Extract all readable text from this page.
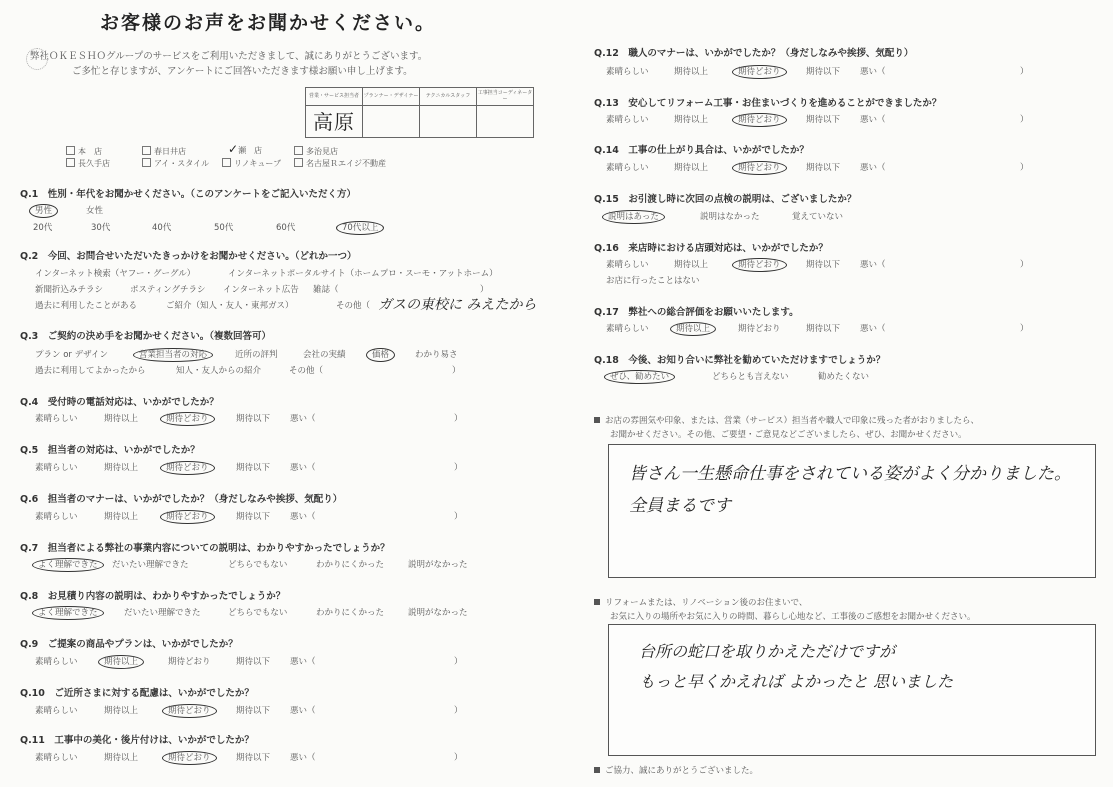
お客様のお声をお聞かせください。
弊社ＯＫＥＳＨＯグループのサービスをご利用いただきまして、誠にありがとうございます。
ご多忙と存じますが、アンケートにご回答いただきます様お願い申し上げます。
営業・サービス担当者	プランナー・デザイナー	テクニカルスタッフ	工事担当コーディネーター
高原			
本　店	春日井店	✓瀬　店	多治見店
長久手店	アイ・スタイル	リノキューブ	名古屋Ｒエイジ不動産
Q.1　性別・年代をお聞かせください。（このアンケートをご記入いただく方）
男性	女性
20代	30代	40代	50代	60代	70代以上
Q.2　今回、お問合せいただいたきっかけをお聞かせください。（どれか一つ）
インターネット検索（ヤフー・グーグル）	インターネットポータルサイト（ホームプロ・スーモ・アットホーム）
新聞折込みチラシ	ポスティングチラシ インターネット広告 雑誌（	）
過去に利用したことがある	ご紹介（知人・友人・東邦ガス）	その他（ ガスの東校に みえたから
Q.3　ご契約の決め手をお聞かせください。（複数回答可）
プラン or デザイン	営業担当者の対応	近所の評判	会社の実績	価格	わかり易さ
過去に利用してよかったから	知人・友人からの紹介	その他（	）
Q.4　受付時の電話対応は、いかがでしたか？
素晴らしい	期待以上	期待どおり	期待以下 悪い（	）
Q.5　担当者の対応は、いかがでしたか？
素晴らしい	期待以上	期待どおり	期待以下 悪い（	）
Q.6　担当者のマナーは、いかがでしたか？（身だしなみや挨拶、気配り）
素晴らしい	期待以上	期待どおり	期待以下 悪い（	）
Q.7　担当者による弊社の事業内容についての説明は、わかりやすかったでしょうか？
よく理解できた だいたい理解できた	どちらでもない	わかりにくかった	説明がなかった
Q.8　お見積り内容の説明は、わかりやすかったでしょうか？
よく理解できた	だいたい理解できた	どちらでもない	わかりにくかった	説明がなかった
Q.9　ご提案の商品やプランは、いかがでしたか？
素晴らしい	期待以上	期待どおり	期待以下 悪い（	）
Q.10　ご近所さまに対する配慮は、いかがでしたか？
素晴らしい	期待以上	期待どおり	期待以下 悪い（	）
Q.11　工事中の美化・後片付けは、いかがでしたか？
素晴らしい	期待以上	期待どおり	期待以下 悪い（	）
Q.12　職人のマナーは、いかがでしたか？（身だしなみや挨拶、気配り）
素晴らしい	期待以上	期待どおり	期待以下 悪い（	）
Q.13　安心してリフォーム工事・お住まいづくりを進めることができましたか？
素晴らしい	期待以上	期待どおり	期待以下 悪い（	）
Q.14　工事の仕上がり具合は、いかがでしたか？
素晴らしい	期待以上	期待どおり	期待以下 悪い（	）
Q.15　お引渡し時に次回の点検の説明は、ございましたか？
説明はあった	説明はなかった	覚えていない
Q.16　来店時における店頭対応は、いかがでしたか？
素晴らしい	期待以上	期待どおり	期待以下 悪い（	）
お店に行ったことはない
Q.17　弊社への総合評価をお願いいたします。
素晴らしい	期待以上	期待どおり	期待以下 悪い（	）
Q.18　今後、お知り合いに弊社を勧めていただけますでしょうか？
ぜひ、勧めたい	どちらとも言えない	勧めたくない
お店の雰囲気や印象、または、営業（サービス）担当者や職人で印象に残った者がおりましたら、
お聞かせください。その他、ご要望・ご意見などございましたら、ぜひ、お聞かせください。
皆さん一生懸命仕事をされている姿がよく分かりました。
全員まるです
リフォームまたは、リノベーション後のお住まいで、
お気に入りの場所やお気に入りの時間、暮らし心地など、工事後のご感想をお聞かせください。
台所の蛇口を取りかえただけですが
もっと早くかえれば よかったと 思いました
ご協力、誠にありがとうございました。
